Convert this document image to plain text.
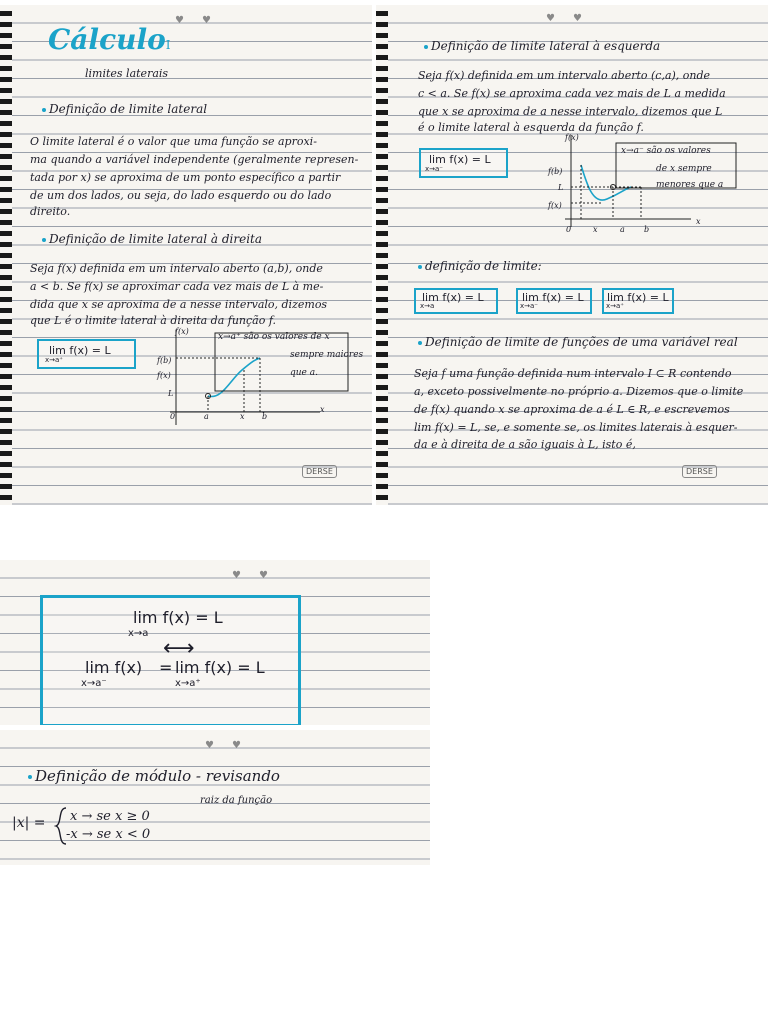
♥♥
CálculoI
limites laterais
Definição de limite lateral
O limite lateral é o valor que uma função se aproxi-
ma quando a variável independente (geralmente represen-
tada por x) se aproxima de um ponto específico a partir
de um dos lados, ou seja, do lado esquerdo ou do lado
direito.
Definição de limite lateral à direita
Seja f(x) definida em um intervalo aberto (a,b), onde
a < b. Se f(x) se aproximar cada vez mais de L à me-
dida que x se aproxima de a nesse intervalo, dizemos
que L é o limite lateral à direita da função f.
lim f(x) = L
x→a⁺
f(x)
f(b)
f(x)
L
0	a	x b
x
x→a⁺ são os valores de x
sempre maiores
que a.
DERSE
♥♥
Definição de limite lateral à esquerda
Seja f(x) definida em um intervalo aberto (c,a), onde
c < a. Se f(x) se aproxima cada vez mais de L a medida
que x se aproxima de a nesse intervalo, dizemos que L
é o limite lateral à esquerda da função f.
lim f(x) = L
x→a⁻
f(x)
f(b)
L
f(x)
0	x	a b
x
x→a⁻ são os valores
de x sempre
menores que a
definição de limite:
lim f(x) = L
x→a
lim f(x) = L
x→a⁻
lim f(x) = L
x→a⁺
Definição de limite de funções de uma variável real
Seja f uma função definida num intervalo I ⊂ R contendo
a, exceto possivelmente no próprio a. Dizemos que o limite
de f(x) quando x se aproxima de a é L ∈ R, e escrevemos
lim f(x) = L, se, e somente se, os limites laterais à esquer-
da e à direita de a são iguais à L, isto é,
DERSE
♥♥
lim f(x) = L
x→a
⟷
lim f(x)
x→a⁻
= lim f(x) = L
x→a⁺
♥♥
Definição de módulo - revisando
|x| = x → se x ≥ 0
-x → se x < 0
raiz da função
